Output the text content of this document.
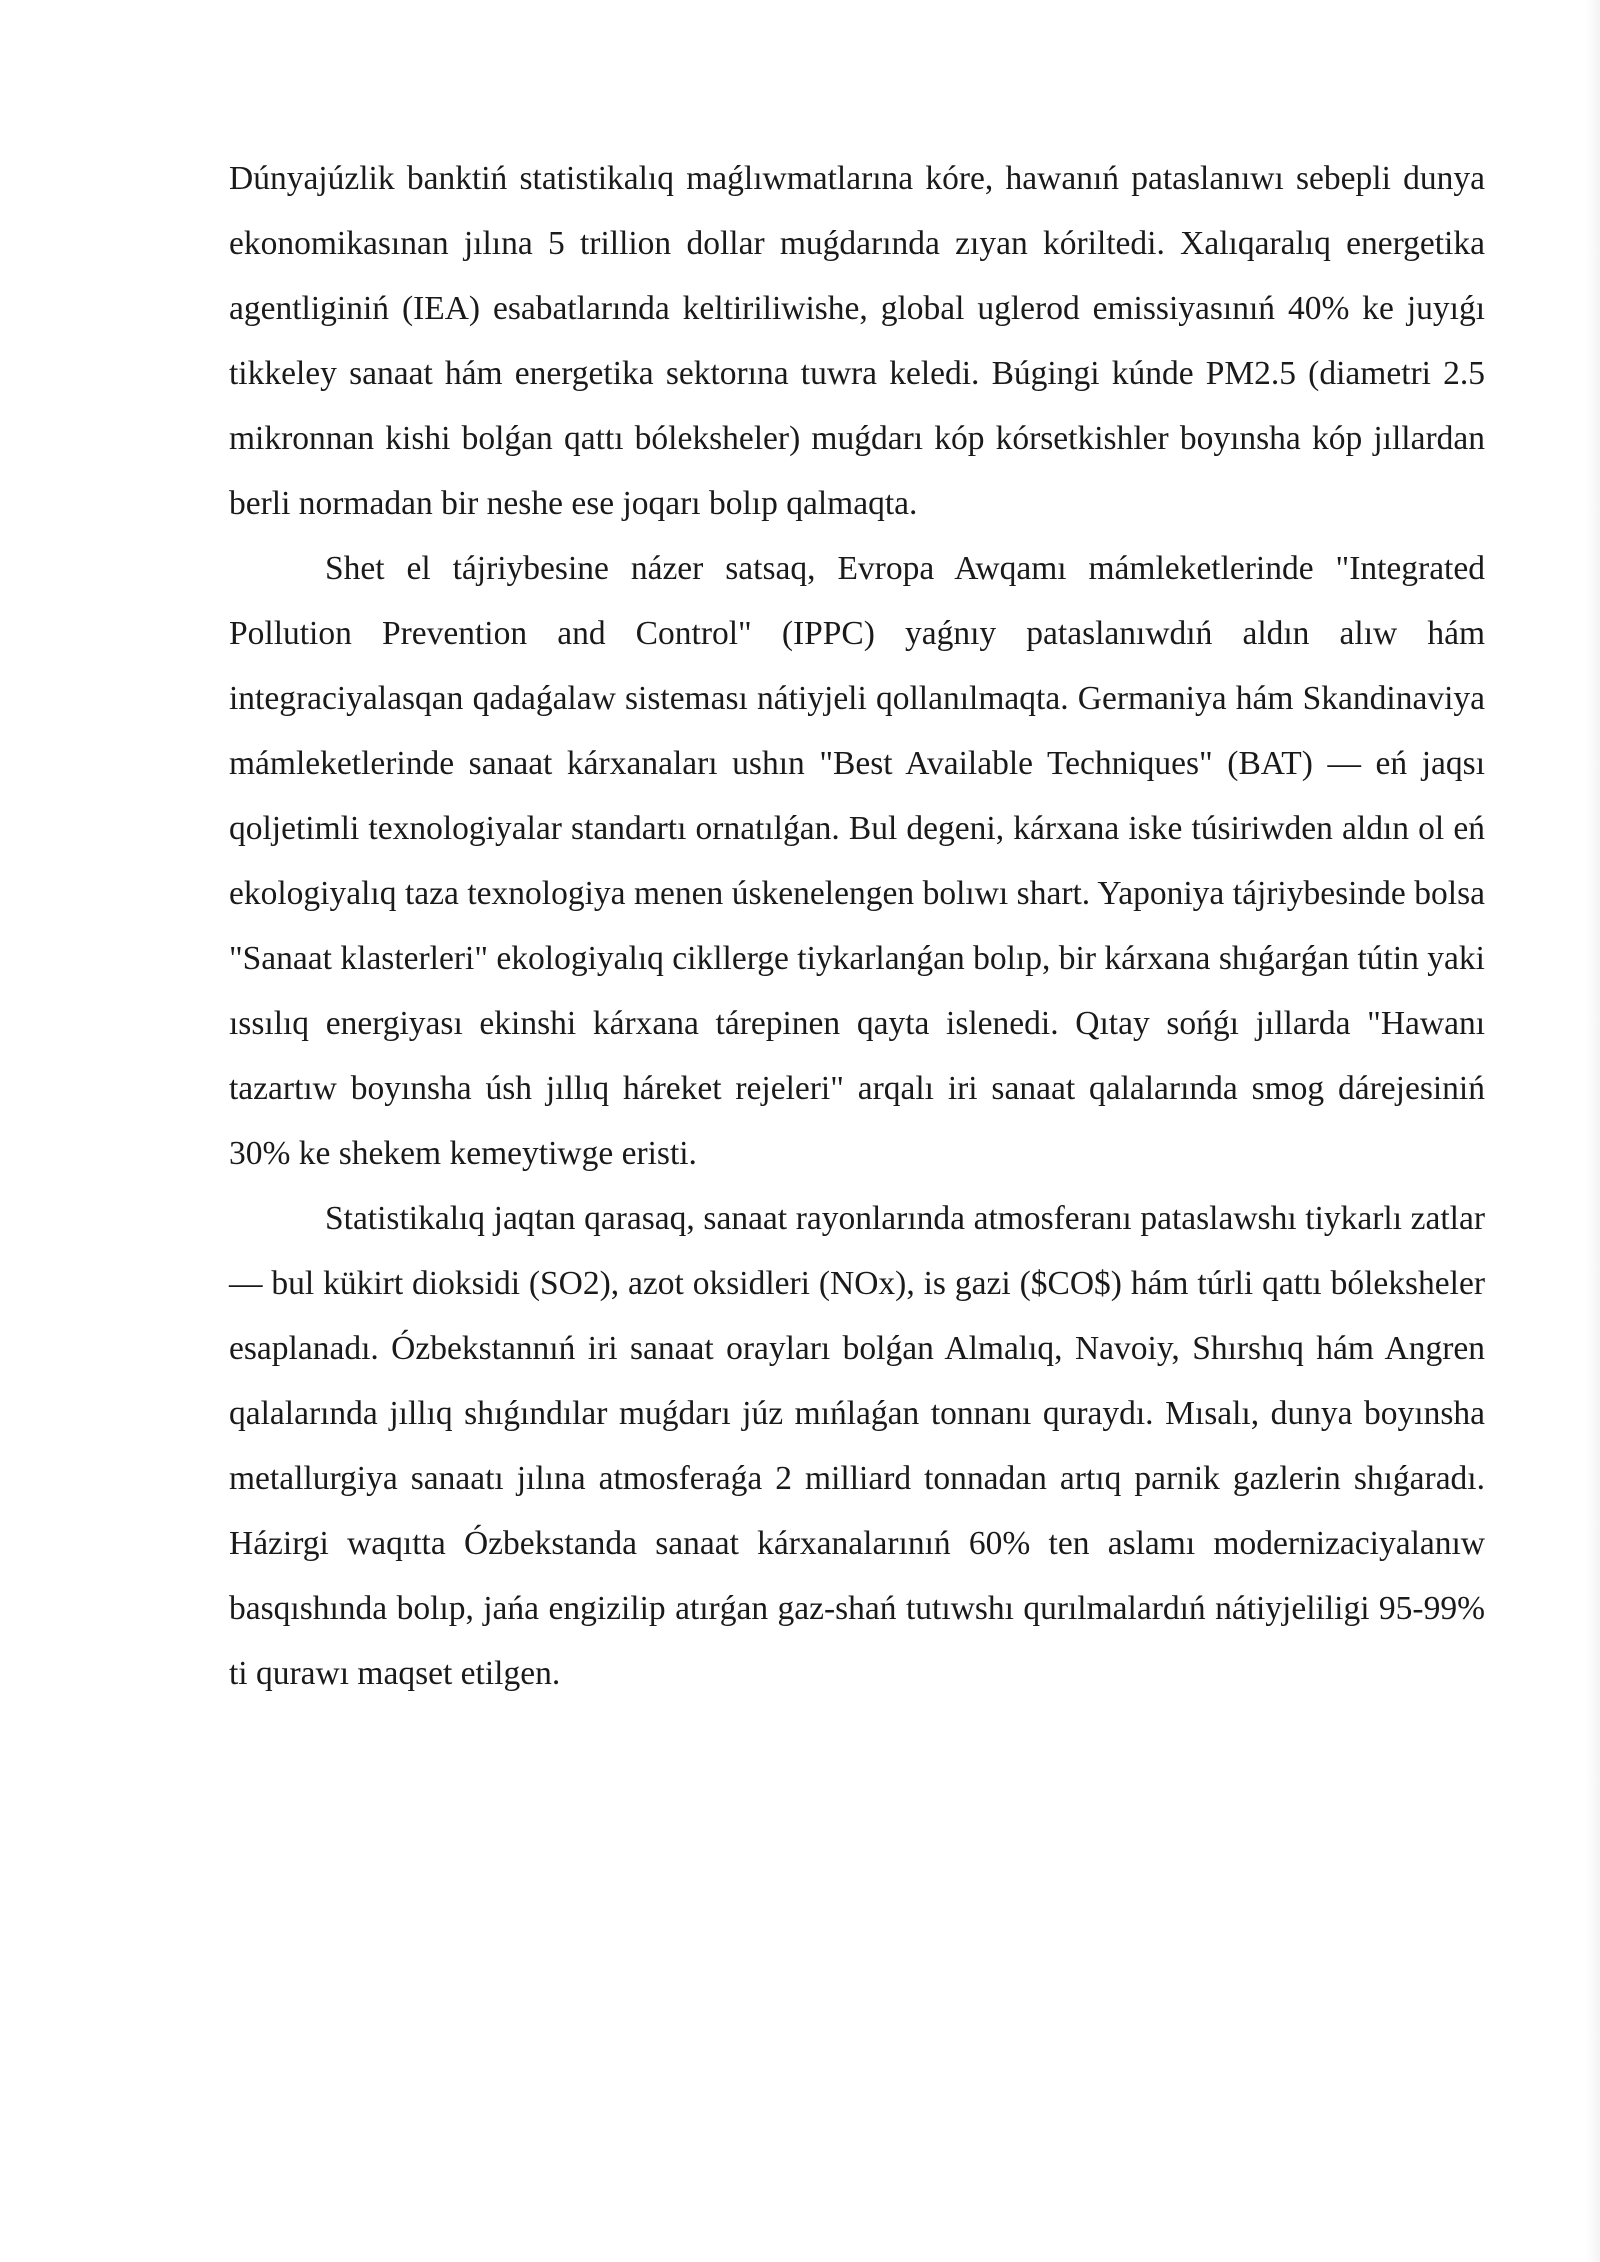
Dúnyajúzlik banktiń statistikalıq maǵlıwmatlarına kóre, hawanıń pataslanıwı sebepli dunya ekonomikasınan jılına 5 trillion dollar muǵdarında zıyan kóriltedi. Xalıqaralıq energetika agentliginiń (IEA) esabatlarında keltiriliwishe, global uglerod emissiyasınıń 40% ke juyıǵı tikkeley sanaat hám energetika sektorına tuwra keledi. Búgingi kúnde PM2.5 (diametri 2.5 mikronnan kishi bolǵan qattı bóleksheler) muǵdarı kóp kórsetkishler boyınsha kóp jıllardan berli normadan bir neshe ese joqarı bolıp qalmaqta.

Shet el tájriybesine názer satsaq, Evropa Awqamı mámleketlerinde "Integrated Pollution Prevention and Control" (IPPC) yaǵnıy pataslanıwdıń aldın alıw hám integraciyalasqan qadaǵalaw sisteması nátiyjeli qollanılmaqta. Germaniya hám Skandinaviya mámleketlerinde sanaat kárxanaları ushın "Best Available Techniques" (BAT) — eń jaqsı qoljetimli texnologiyalar standartı ornatılǵan. Bul degeni, kárxana iske túsiriwden aldın ol eń ekologiyalıq taza texnologiya menen úskenelengen bolıwı shart. Yaponiya tájriybesinde bolsa "Sanaat klasterleri" ekologiyalıq cikllerge tiykarlanǵan bolıp, bir kárxana shıǵarǵan tútin yaki ıssılıq energiyası ekinshi kárxana tárepinen qayta islenedi. Qıtay sońǵı jıllarda "Hawanı tazartıw boyınsha úsh jıllıq háreket rejeleri" arqalı iri sanaat qalalarında smog dárejesiniń 30% ke shekem kemeytiwge eristi.

Statistikalıq jaqtan qarasaq, sanaat rayonlarında atmosferanı pataslawshı tiykarlı zatlar — bul kükirt dioksidi (SO2), azot oksidleri (NOx), is gazi ($CO$) hám túrli qattı bóleksheler esaplanadı. Ózbekstannıń iri sanaat orayları bolǵan Almalıq, Navoiy, Shırshıq hám Angren qalalarında jıllıq shıǵındılar muǵdarı júz mıńlaǵan tonnanı quraydı. Mısalı, dunya boyınsha metallurgiya sanaatı jılına atmosferaǵa 2 milliard tonnadan artıq parnik gazlerin shıǵaradı. Házirgi waqıtta Ózbekstanda sanaat kárxanalarınıń 60% ten aslamı modernizaciyalanıw basqıshında bolıp, jańa engizilip atırǵan gaz-shań tutıwshı qurılmalardıń nátiyjeliligi 95-99% ti qurawı maqset etilgen.
